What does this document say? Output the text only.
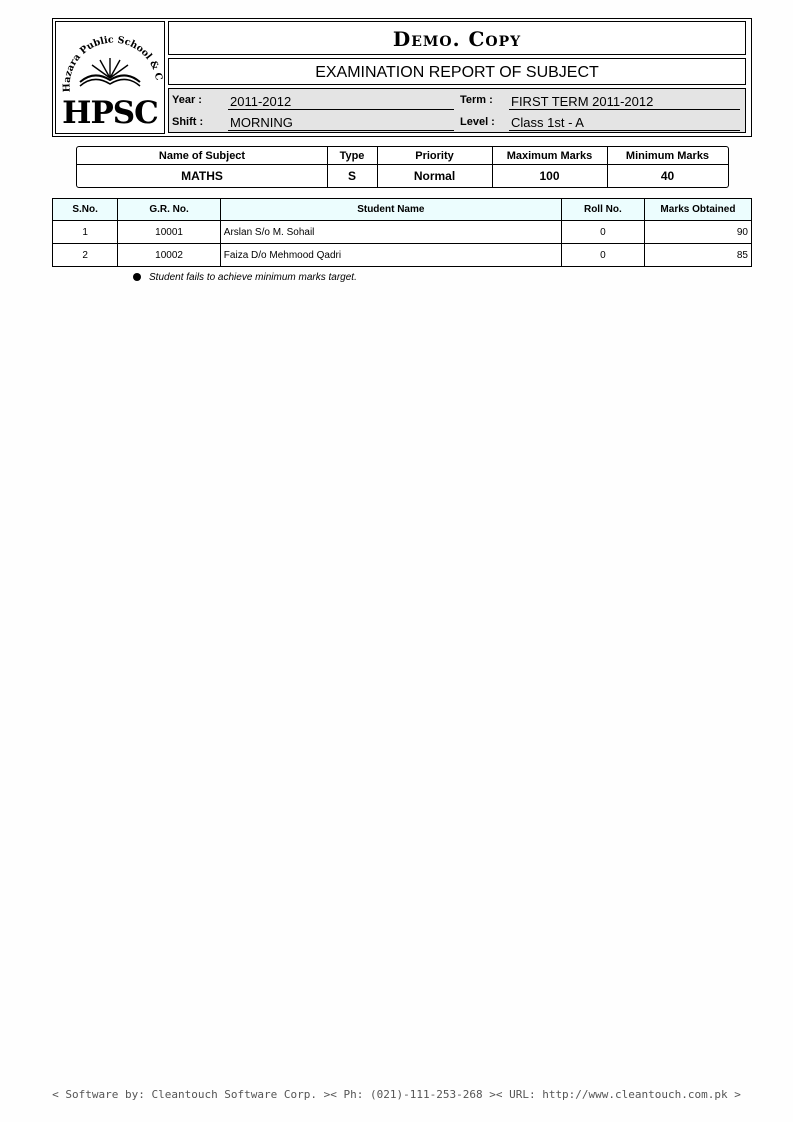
Hazara Public School & C
HPSC
Demo. Copy
EXAMINATION REPORT OF SUBJECT
Year : 2011-2012	Term : FIRST TERM 2011-2012
Shift : MORNING	Level : Class 1st - A
Name of Subject	Type	Priority	Maximum Marks	Minimum Marks
MATHS	S	Normal	100	40
S.No.	G.R. No.	Student Name	Roll No.	Marks Obtained
1	10001	Arslan S/o M. Sohail	0	90
2	10002	Faiza D/o Mehmood Qadri	0	85
Student fails to achieve minimum marks target.
< Software by: Cleantouch Software Corp. >< Ph: (021)-111-253-268 >< URL: http://www.cleantouch.com.pk >
